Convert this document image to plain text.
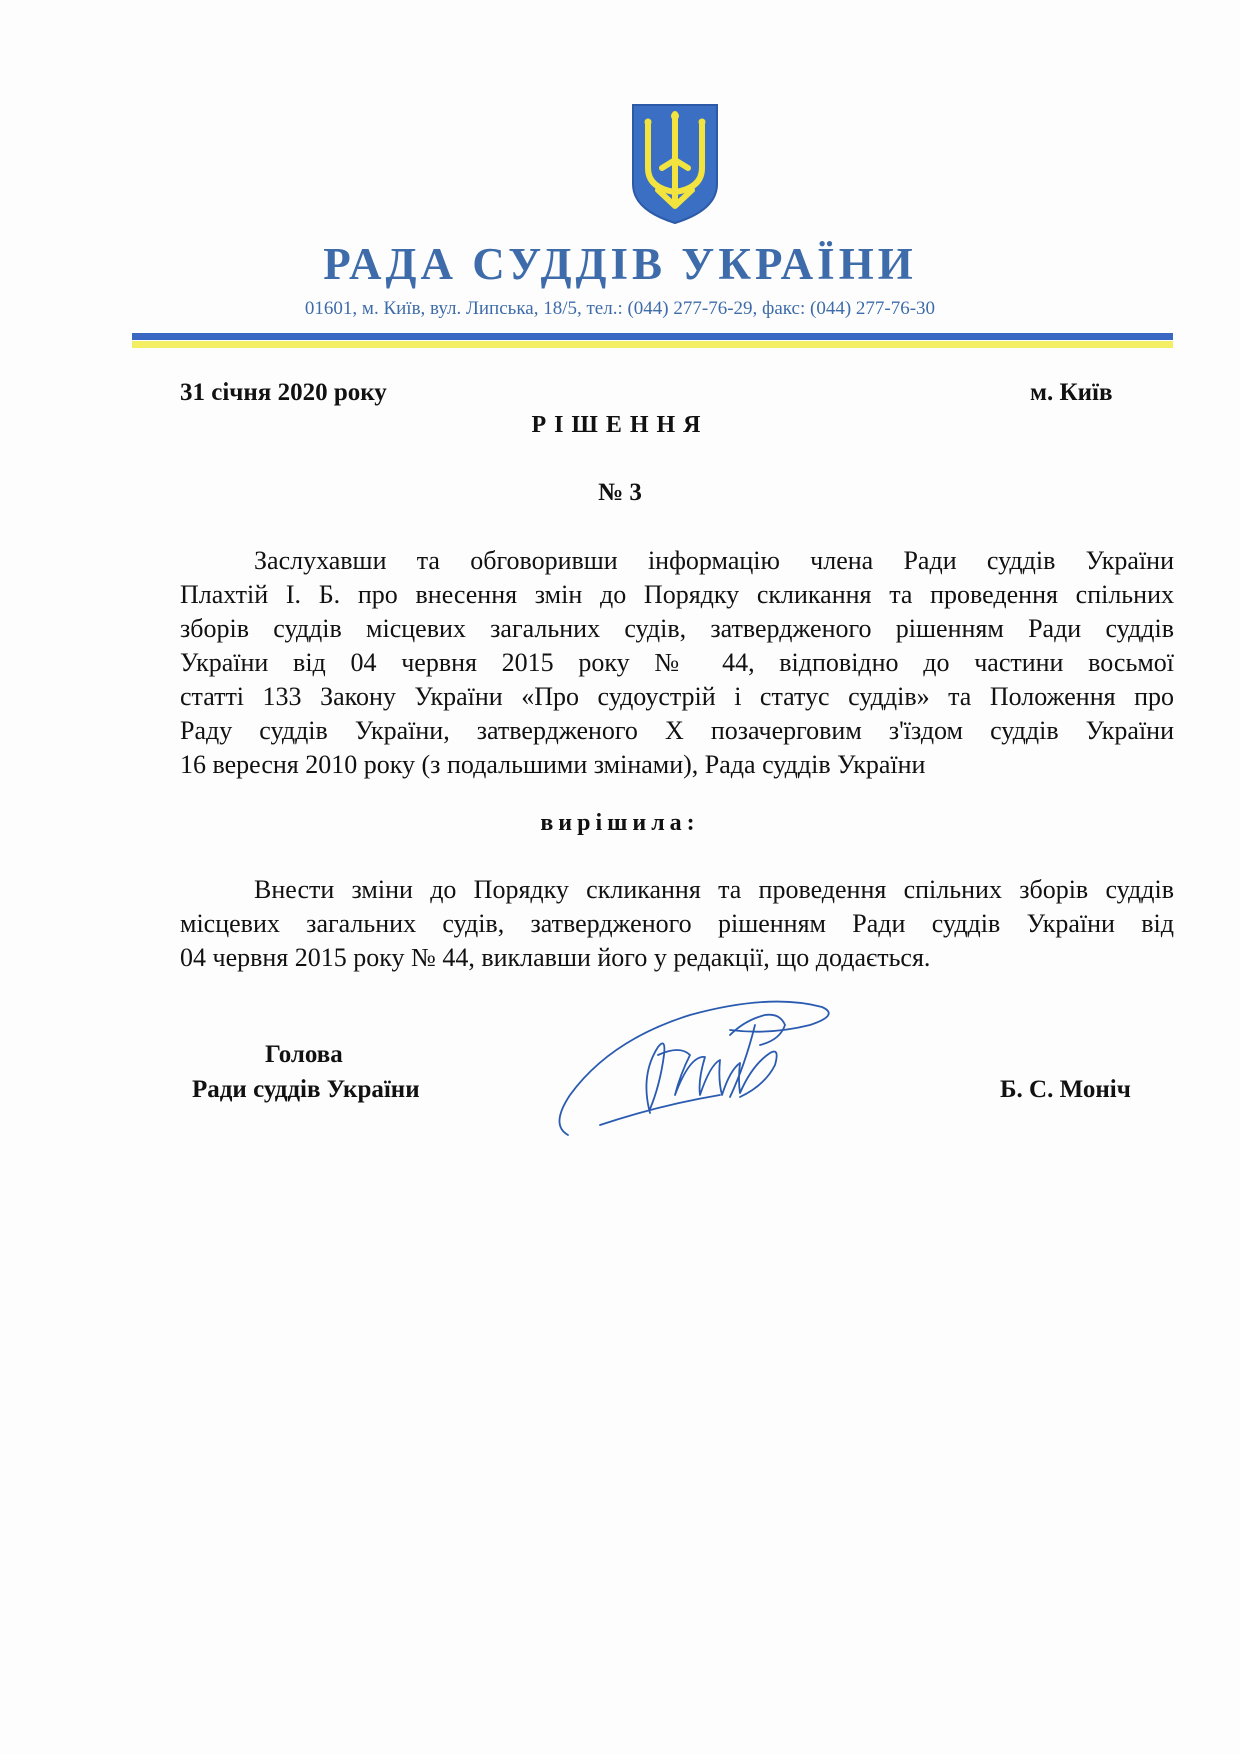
РАДА СУДДІВ УКРАЇНИ
01601, м. Київ, вул. Липська, 18/5, тел.: (044) 277-76-29, факс: (044) 277-76-30
31 січня 2020 року	м. Київ
РІШЕННЯ
№ 3
Заслухавши та обговоривши інформацію члена Ради суддів України
Плахтій І. Б. про внесення змін до Порядку скликання та проведення спільних
зборів суддів місцевих загальних судів, затвердженого рішенням Ради суддів
України від 04 червня 2015 року № 44, відповідно до частини восьмої
статті 133 Закону України «Про судоустрій і статус суддів» та Положення про
Раду суддів України, затвердженого X позачерговим з'їздом суддів України
16 вересня 2010 року (з подальшими змінами), Рада суддів України
вирішила:
Внести зміни до Порядку скликання та проведення спільних зборів суддів
місцевих загальних судів, затвердженого рішенням Ради суддів України від
04 червня 2015 року № 44, виклавши його у редакції, що додається.
Голова
Ради суддів України	Б. С. Моніч
